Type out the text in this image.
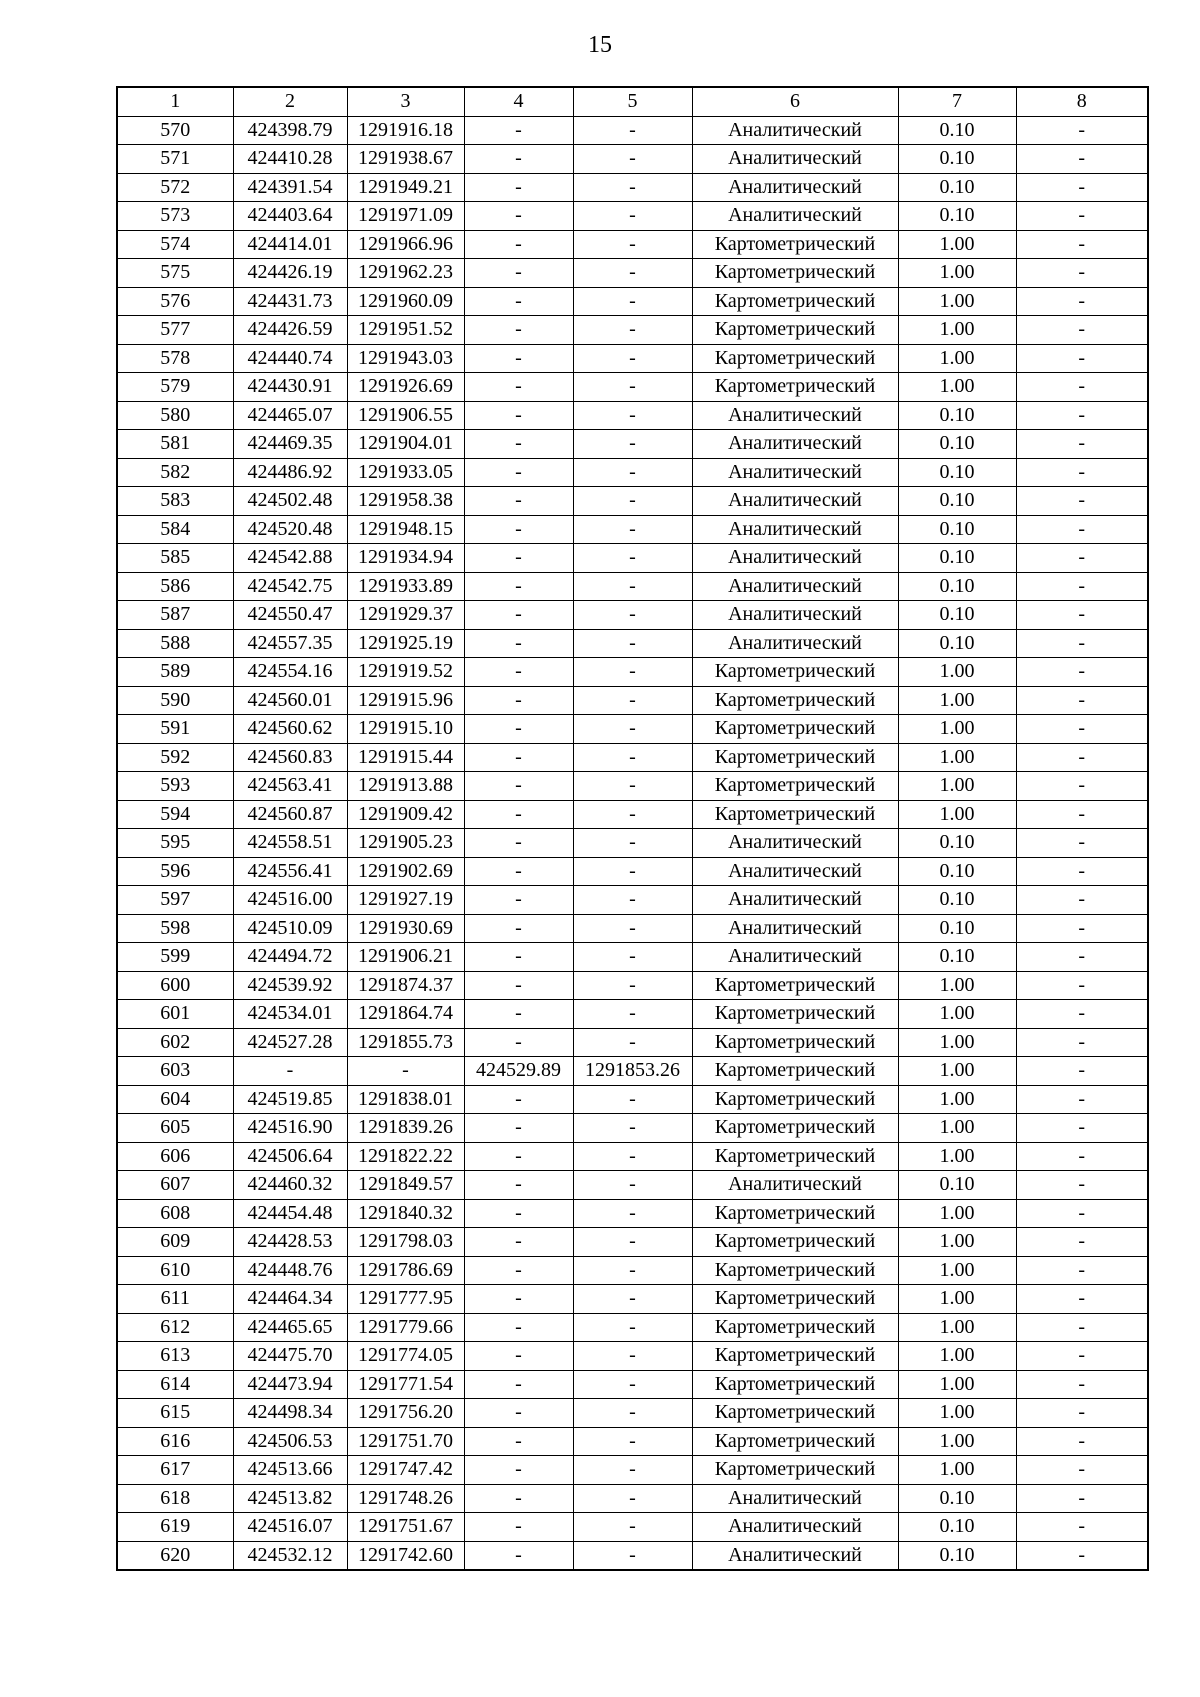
15
1	2	3	4	5	6	7	8
570	424398.79	1291916.18	-	-	Аналитический	0.10	-
571	424410.28	1291938.67	-	-	Аналитический	0.10	-
572	424391.54	1291949.21	-	-	Аналитический	0.10	-
573	424403.64	1291971.09	-	-	Аналитический	0.10	-
574	424414.01	1291966.96	-	-	Картометрический	1.00	-
575	424426.19	1291962.23	-	-	Картометрический	1.00	-
576	424431.73	1291960.09	-	-	Картометрический	1.00	-
577	424426.59	1291951.52	-	-	Картометрический	1.00	-
578	424440.74	1291943.03	-	-	Картометрический	1.00	-
579	424430.91	1291926.69	-	-	Картометрический	1.00	-
580	424465.07	1291906.55	-	-	Аналитический	0.10	-
581	424469.35	1291904.01	-	-	Аналитический	0.10	-
582	424486.92	1291933.05	-	-	Аналитический	0.10	-
583	424502.48	1291958.38	-	-	Аналитический	0.10	-
584	424520.48	1291948.15	-	-	Аналитический	0.10	-
585	424542.88	1291934.94	-	-	Аналитический	0.10	-
586	424542.75	1291933.89	-	-	Аналитический	0.10	-
587	424550.47	1291929.37	-	-	Аналитический	0.10	-
588	424557.35	1291925.19	-	-	Аналитический	0.10	-
589	424554.16	1291919.52	-	-	Картометрический	1.00	-
590	424560.01	1291915.96	-	-	Картометрический	1.00	-
591	424560.62	1291915.10	-	-	Картометрический	1.00	-
592	424560.83	1291915.44	-	-	Картометрический	1.00	-
593	424563.41	1291913.88	-	-	Картометрический	1.00	-
594	424560.87	1291909.42	-	-	Картометрический	1.00	-
595	424558.51	1291905.23	-	-	Аналитический	0.10	-
596	424556.41	1291902.69	-	-	Аналитический	0.10	-
597	424516.00	1291927.19	-	-	Аналитический	0.10	-
598	424510.09	1291930.69	-	-	Аналитический	0.10	-
599	424494.72	1291906.21	-	-	Аналитический	0.10	-
600	424539.92	1291874.37	-	-	Картометрический	1.00	-
601	424534.01	1291864.74	-	-	Картометрический	1.00	-
602	424527.28	1291855.73	-	-	Картометрический	1.00	-
603	-	-	424529.89	1291853.26	Картометрический	1.00	-
604	424519.85	1291838.01	-	-	Картометрический	1.00	-
605	424516.90	1291839.26	-	-	Картометрический	1.00	-
606	424506.64	1291822.22	-	-	Картометрический	1.00	-
607	424460.32	1291849.57	-	-	Аналитический	0.10	-
608	424454.48	1291840.32	-	-	Картометрический	1.00	-
609	424428.53	1291798.03	-	-	Картометрический	1.00	-
610	424448.76	1291786.69	-	-	Картометрический	1.00	-
611	424464.34	1291777.95	-	-	Картометрический	1.00	-
612	424465.65	1291779.66	-	-	Картометрический	1.00	-
613	424475.70	1291774.05	-	-	Картометрический	1.00	-
614	424473.94	1291771.54	-	-	Картометрический	1.00	-
615	424498.34	1291756.20	-	-	Картометрический	1.00	-
616	424506.53	1291751.70	-	-	Картометрический	1.00	-
617	424513.66	1291747.42	-	-	Картометрический	1.00	-
618	424513.82	1291748.26	-	-	Аналитический	0.10	-
619	424516.07	1291751.67	-	-	Аналитический	0.10	-
620	424532.12	1291742.60	-	-	Аналитический	0.10	-
